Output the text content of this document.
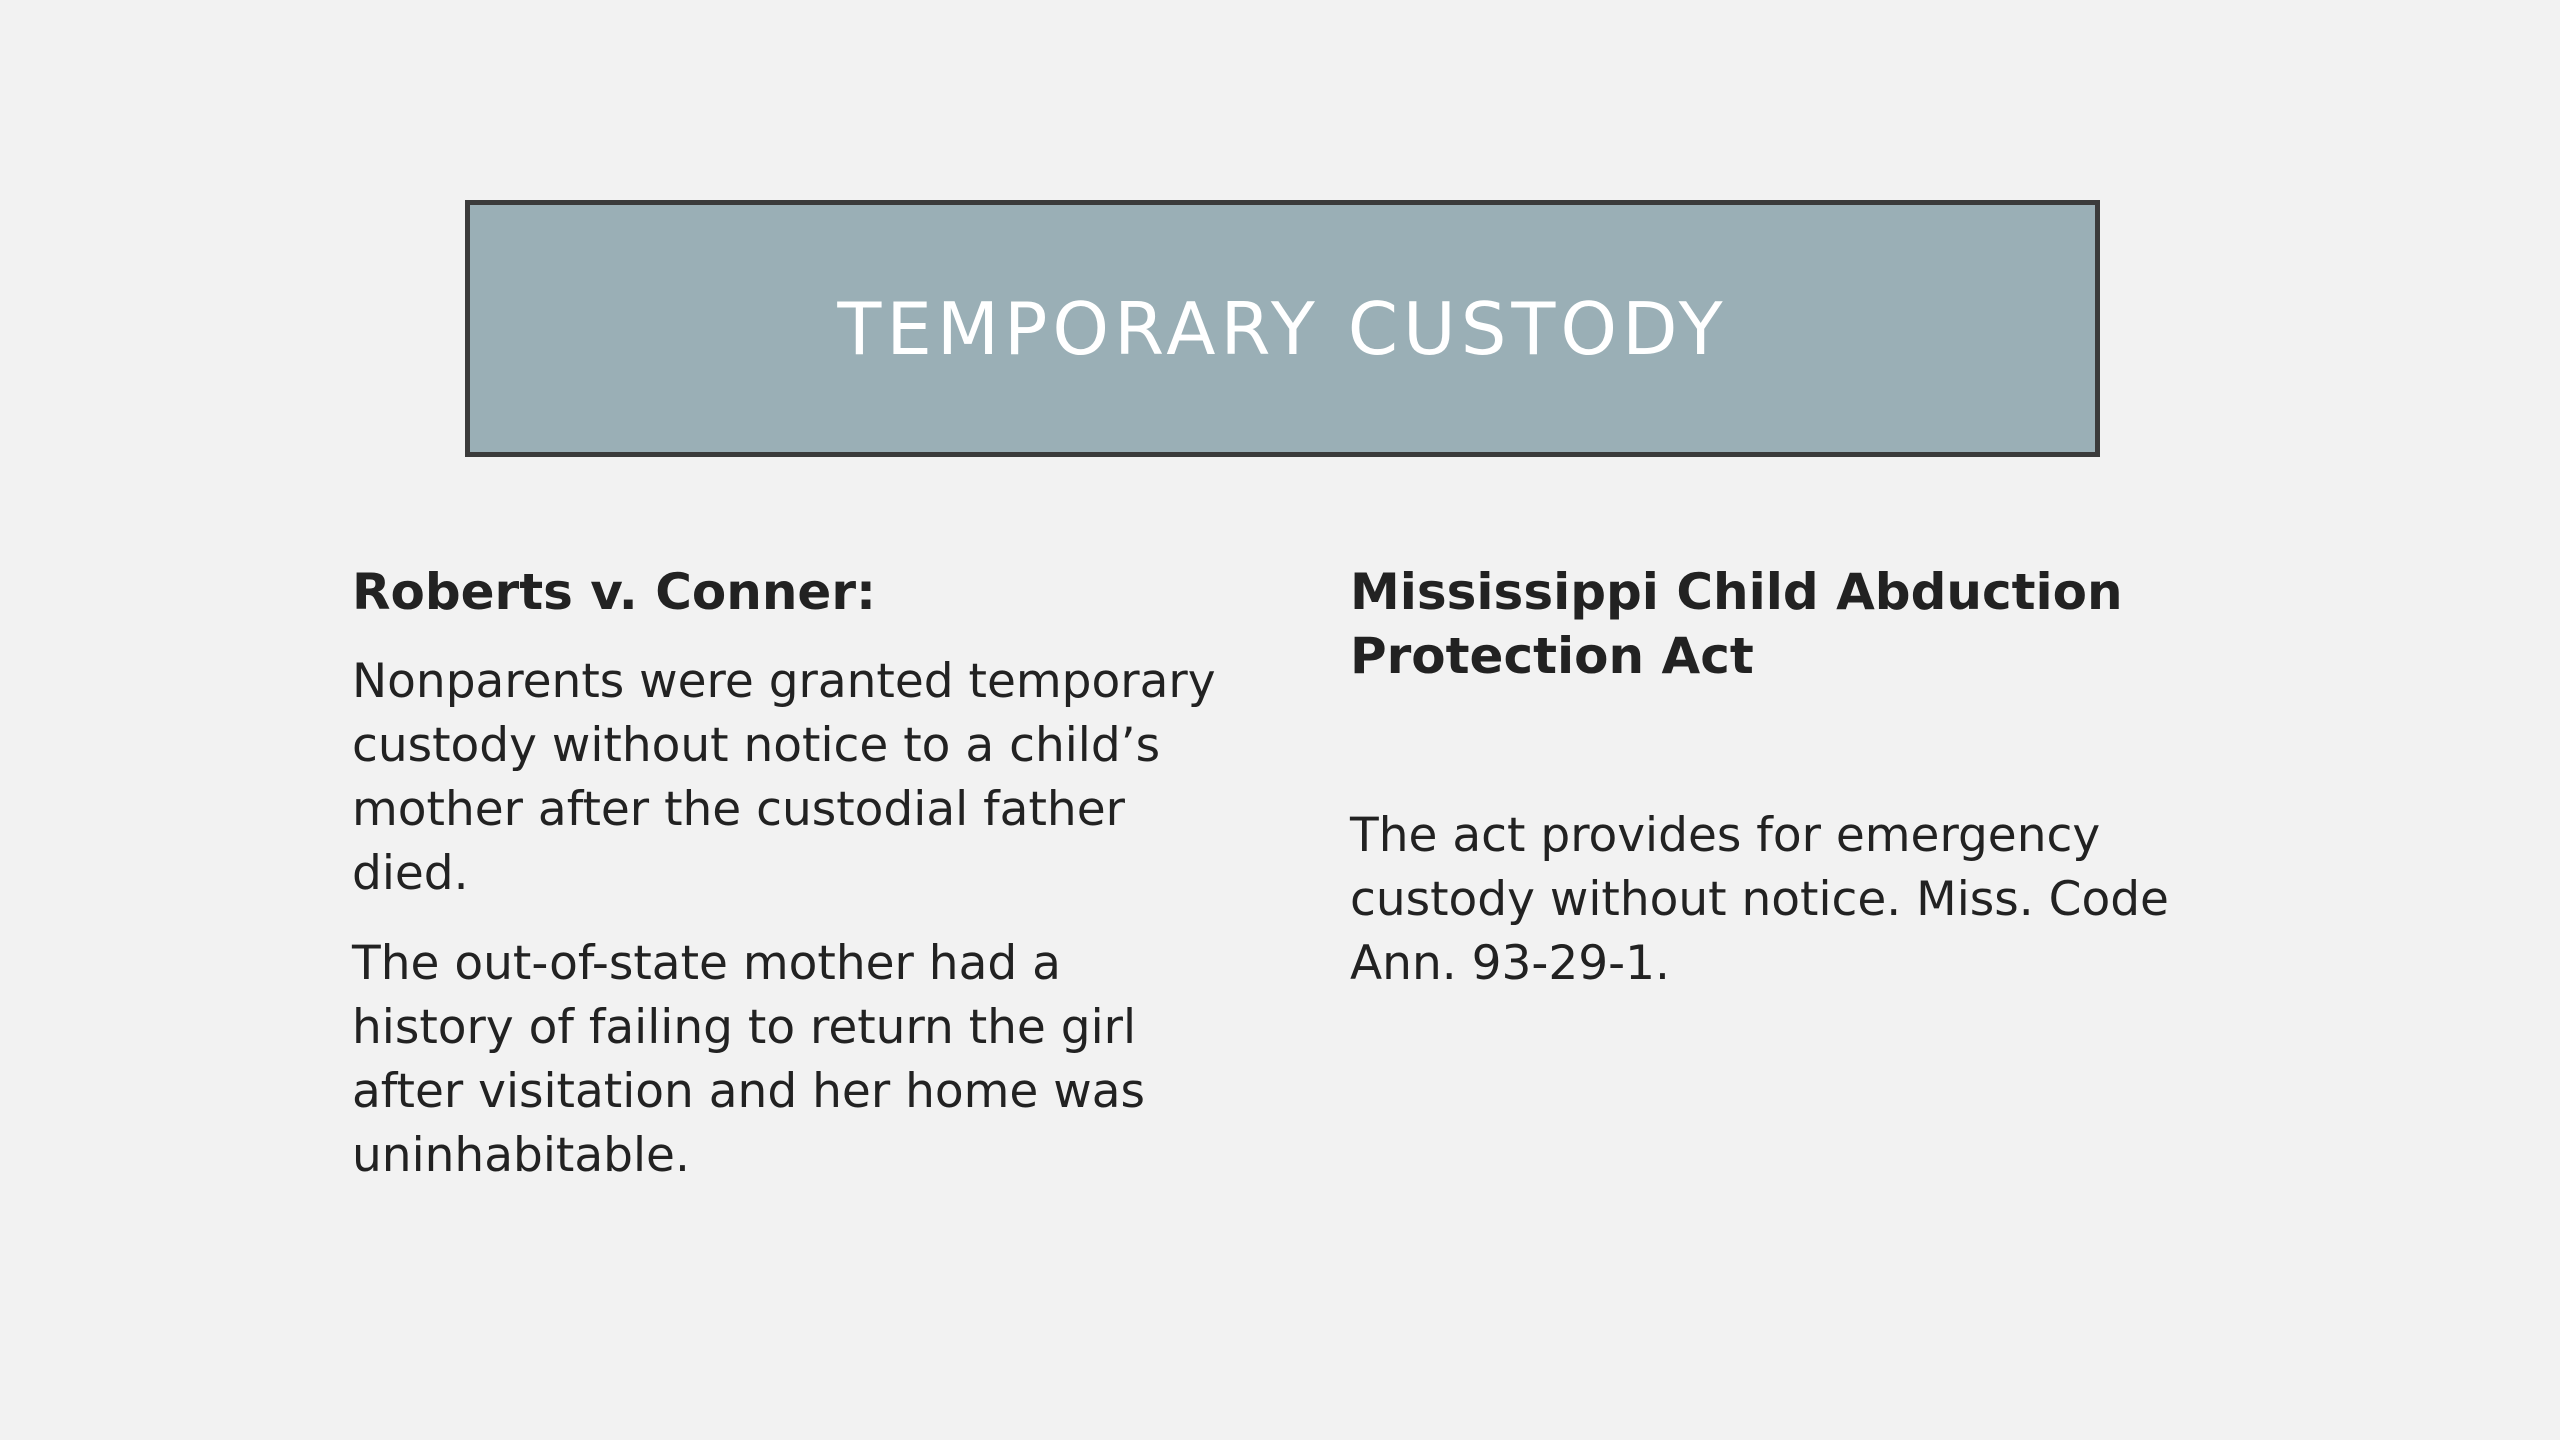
TEMPORARY CUSTODY

Roberts v. Conner:

Nonparents were granted temporary custody without notice to a child’s mother after the custodial father died.

The out-of-state mother had a history of failing to return the girl after visitation and her home was uninhabitable.

Mississippi Child Abduction Protection Act

The act provides for emergency custody without notice. Miss. Code Ann. 93-29-1.
